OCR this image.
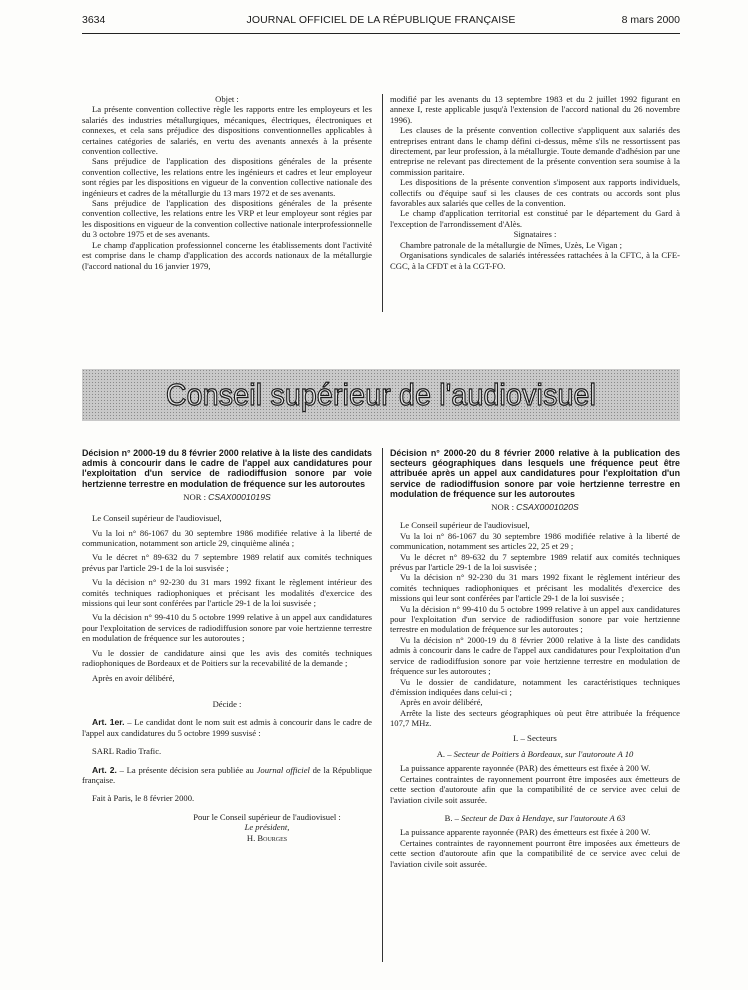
3634	JOURNAL OFFICIEL DE LA RÉPUBLIQUE FRANÇAISE	8 mars 2000

Objet :

La présente convention collective règle les rapports entre les employeurs et les salariés des industries métallurgiques, mécaniques, électriques, électroniques et connexes, et cela sans préjudice des dispositions conventionnelles applicables à certaines catégories de salariés, en vertu des avenants annexés à la présente convention collective.

Sans préjudice de l'application des dispositions générales de la présente convention collective, les relations entre les ingénieurs et cadres et leur employeur sont régies par les dispositions en vigueur de la convention collective nationale des ingénieurs et cadres de la métallurgie du 13 mars 1972 et de ses avenants.

Sans préjudice de l'application des dispositions générales de la présente convention collective, les relations entre les VRP et leur employeur sont régies par les dispositions en vigueur de la convention collective nationale interprofessionnelle du 3 octobre 1975 et de ses avenants.

Le champ d'application professionnel concerne les établissements dont l'activité est comprise dans le champ d'application des accords nationaux de la métallurgie (l'accord national du 16 janvier 1979,

modifié par les avenants du 13 septembre 1983 et du 2 juillet 1992 figurant en annexe I, reste applicable jusqu'à l'extension de l'accord national du 26 novembre 1996).

Les clauses de la présente convention collective s'appliquent aux salariés des entreprises entrant dans le champ défini ci-dessus, même s'ils ne ressortissent pas directement, par leur profession, à la métallurgie. Toute demande d'adhésion par une entreprise ne relevant pas directement de la présente convention sera soumise à la commission paritaire.

Les dispositions de la présente convention s'imposent aux rapports individuels, collectifs ou d'équipe sauf si les clauses de ces contrats ou accords sont plus favorables aux salariés que celles de la convention.

Le champ d'application territorial est constitué par le département du Gard à l'exception de l'arrondissement d'Alès.

Signataires :

Chambre patronale de la métallurgie de Nîmes, Uzès, Le Vigan ;

Organisations syndicales de salariés intéressées rattachées à la CFTC, à la CFE-CGC, à la CFDT et à la CGT-FO.

Conseil supérieur de l'audiovisuel
Décision n° 2000-19 du 8 février 2000 relative à la liste des candidats admis à concourir dans le cadre de l'appel aux candidatures pour l'exploitation d'un service de radiodiffusion sonore par voie hertzienne terrestre en modulation de fréquence sur les autoroutes
NOR : CSAX0001019S

Le Conseil supérieur de l'audiovisuel,

Vu la loi n° 86-1067 du 30 septembre 1986 modifiée relative à la liberté de communication, notamment son article 29, cinquième alinéa ;

Vu le décret n° 89-632 du 7 septembre 1989 relatif aux comités techniques prévus par l'article 29-1 de la loi susvisée ;

Vu la décision n° 92-230 du 31 mars 1992 fixant le règlement intérieur des comités techniques radiophoniques et précisant les modalités d'exercice des missions qui leur sont conférées par l'article 29-1 de la loi susvisée ;

Vu la décision n° 99-410 du 5 octobre 1999 relative à un appel aux candidatures pour l'exploitation de services de radiodiffusion sonore par voie hertzienne terrestre en modulation de fréquence sur les autoroutes ;

Vu le dossier de candidature ainsi que les avis des comités techniques radiophoniques de Bordeaux et de Poitiers sur la recevabilité de la demande ;

Après en avoir délibéré,

Décide :

Art. 1er. – Le candidat dont le nom suit est admis à concourir dans le cadre de l'appel aux candidatures du 5 octobre 1999 susvisé :

SARL Radio Trafic.

Art. 2. – La présente décision sera publiée au Journal officiel de la République française.

Fait à Paris, le 8 février 2000.

Pour le Conseil supérieur de l'audiovisuel :
Le président,
H. Bourges
Décision n° 2000-20 du 8 février 2000 relative à la publication des secteurs géographiques dans lesquels une fréquence peut être attribuée après un appel aux candidatures pour l'exploitation d'un service de radiodiffusion sonore par voie hertzienne terrestre en modulation de fréquence sur les autoroutes
NOR : CSAX0001020S

Le Conseil supérieur de l'audiovisuel,

Vu la loi n° 86-1067 du 30 septembre 1986 modifiée relative à la liberté de communication, notamment ses articles 22, 25 et 29 ;

Vu le décret n° 89-632 du 7 septembre 1989 relatif aux comités techniques prévus par l'article 29-1 de la loi susvisée ;

Vu la décision n° 92-230 du 31 mars 1992 fixant le règlement intérieur des comités techniques radiophoniques et précisant les modalités d'exercice des missions qui leur sont conférées par l'article 29-1 de la loi susvisée ;

Vu la décision n° 99-410 du 5 octobre 1999 relative à un appel aux candidatures pour l'exploitation d'un service de radiodiffusion sonore par voie hertzienne terrestre en modulation de fréquence sur les autoroutes ;

Vu la décision n° 2000-19 du 8 février 2000 relative à la liste des candidats admis à concourir dans le cadre de l'appel aux candidatures pour l'exploitation d'un service de radiodiffusion sonore par voie hertzienne terrestre en modulation de fréquence sur les autoroutes ;

Vu le dossier de candidature, notamment les caractéristiques techniques d'émission indiquées dans celui-ci ;

Après en avoir délibéré,

Arrête la liste des secteurs géographiques où peut être attribuée la fréquence 107,7 MHz.

I. – Secteurs
A. – Secteur de Poitiers à Bordeaux, sur l'autoroute A 10

La puissance apparente rayonnée (PAR) des émetteurs est fixée à 200 W.

Certaines contraintes de rayonnement pourront être imposées aux émetteurs de cette section d'autoroute afin que la compatibilité de ce service avec celui de l'aviation civile soit assurée.

B. – Secteur de Dax à Hendaye, sur l'autoroute A 63

La puissance apparente rayonnée (PAR) des émetteurs est fixée à 200 W.

Certaines contraintes de rayonnement pourront être imposées aux émetteurs de cette section d'autoroute afin que la compatibilité de ce service avec celui de l'aviation civile soit assurée.
